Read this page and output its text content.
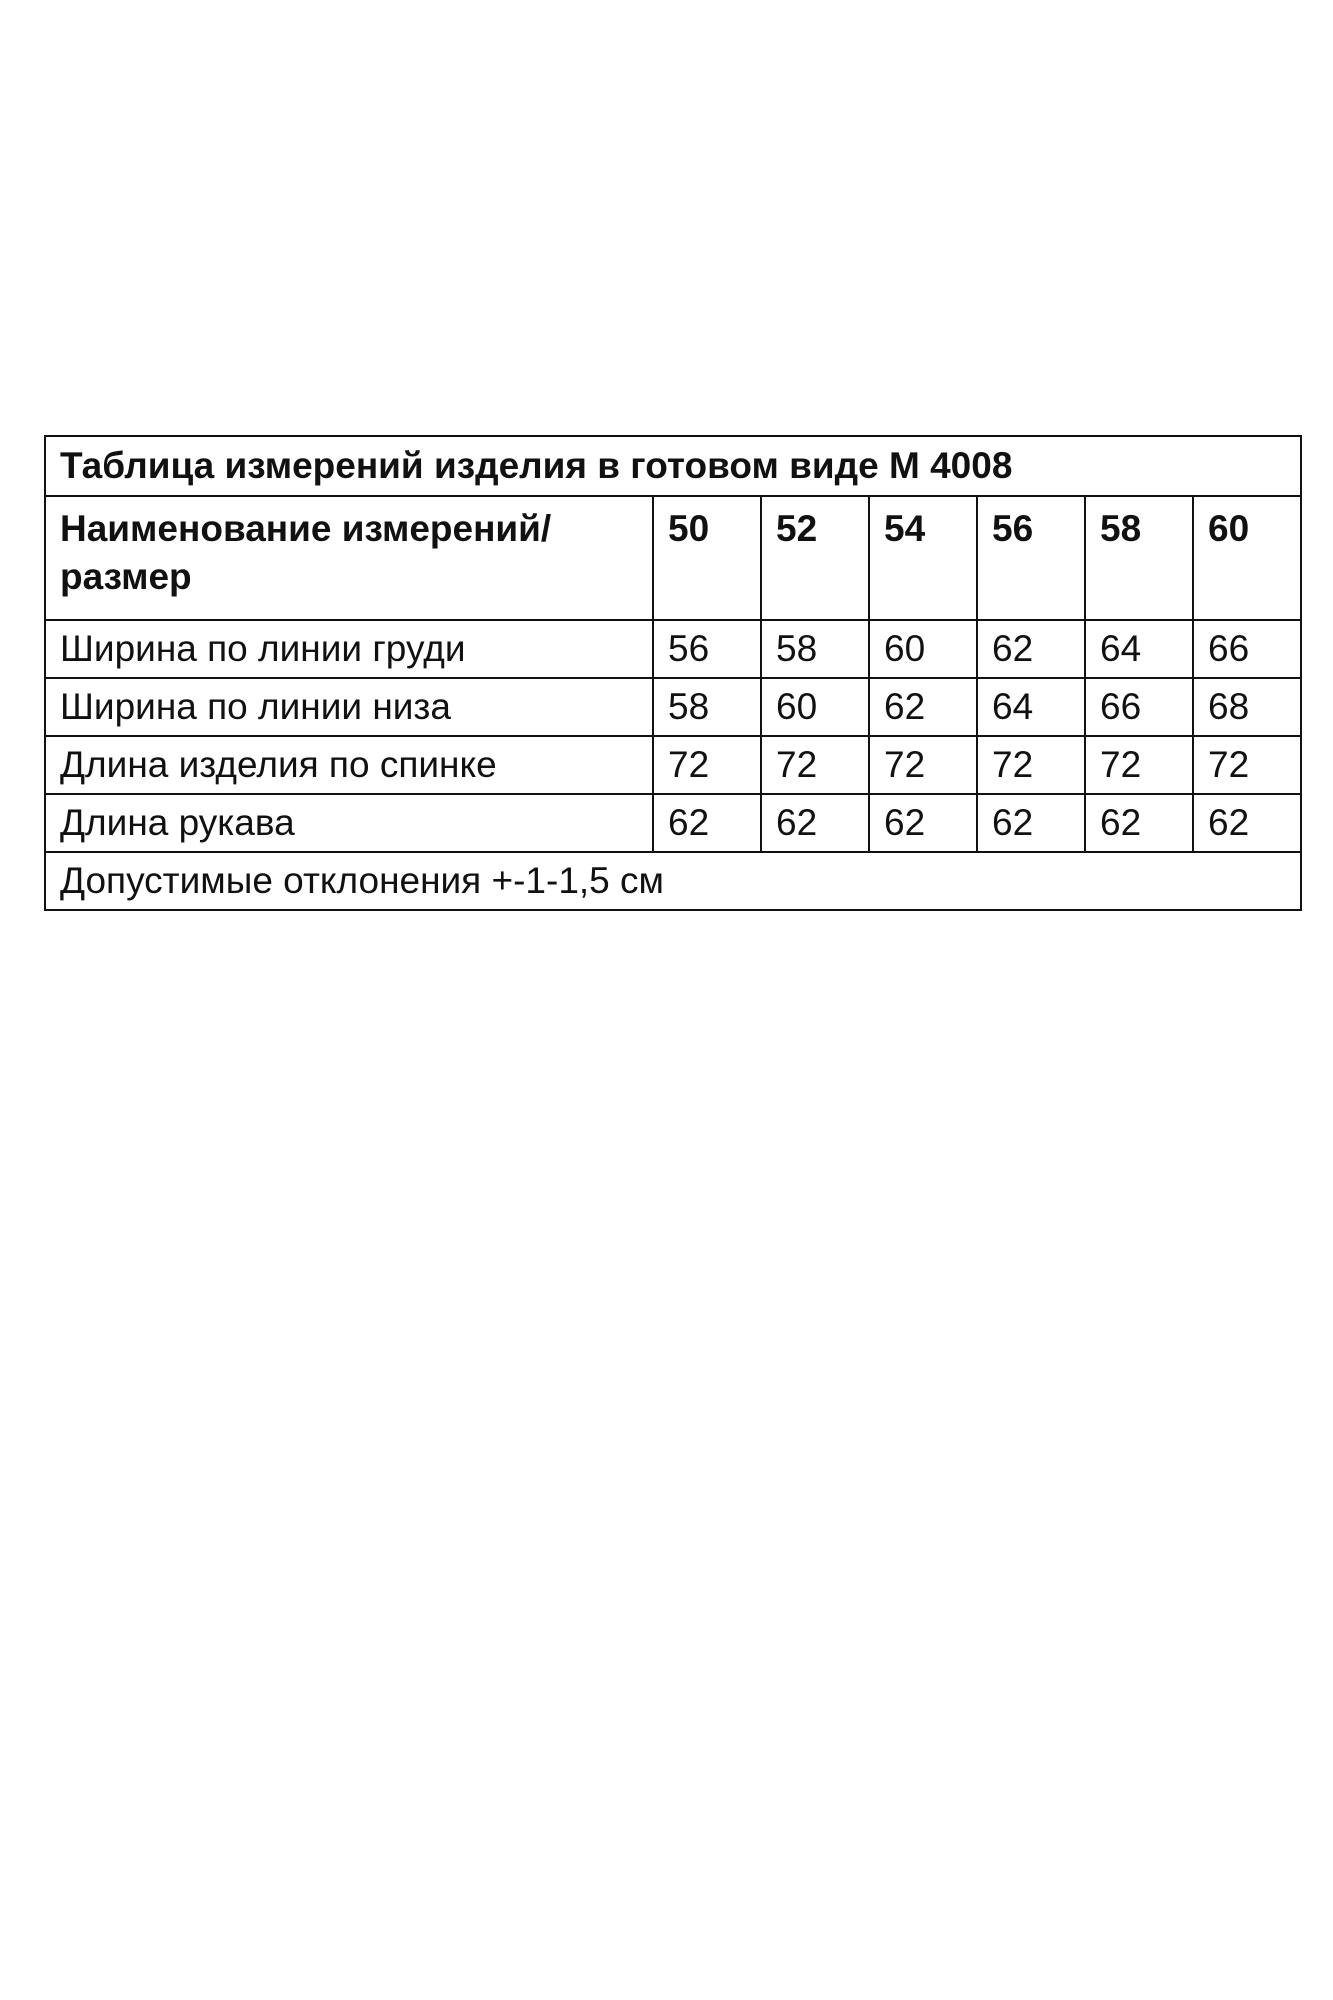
Таблица измерений изделия в готовом виде М 4008						
Наименование измерений/размер	50	52	54	56	58	60
Ширина по линии груди	56	58	60	62	64	66
Ширина по линии низа	58	60	62	64	66	68
Длина изделия по спинке	72	72	72	72	72	72
Длина рукава	62	62	62	62	62	62
Допустимые отклонения +-1-1,5 см						
